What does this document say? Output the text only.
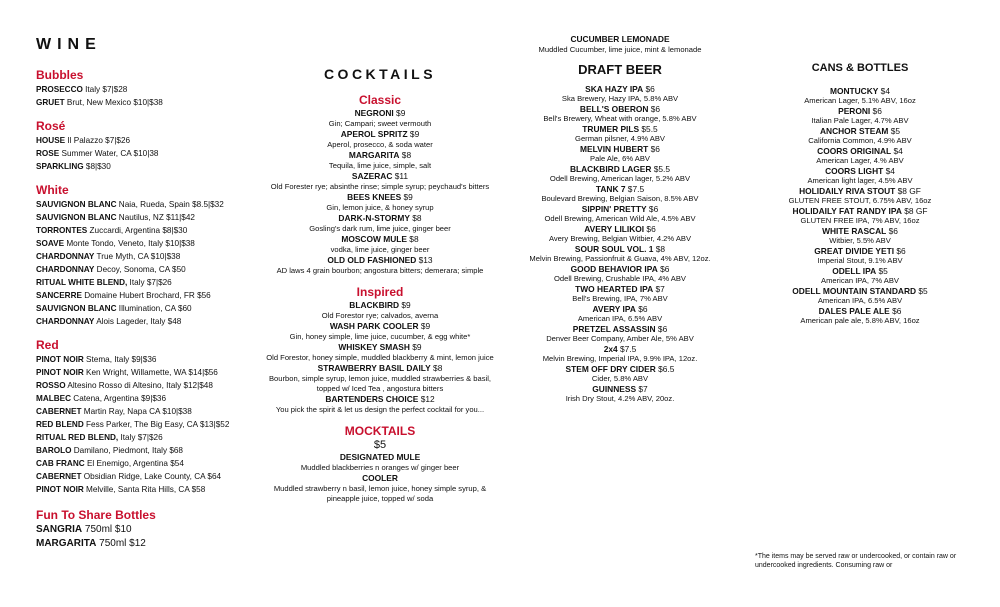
WINE
Bubbles
PROSECCO Italy $7|$28
GRUET Brut, New Mexico $10|$38
Rosé
HOUSE Il Palazzo $7|$26
ROSE Summer Water, CA $10|38
SPARKLING $8|$30
White
SAUVIGNON BLANC Naia, Rueda, Spain $8.5|$32
SAUVIGNON BLANC Nautilus, NZ $11|$42
TORRONTES Zuccardi, Argentina $8|$30
SOAVE Monte Tondo, Veneto, Italy $10|$38
CHARDONNAY True Myth, CA $10|$38
CHARDONNAY Decoy, Sonoma, CA $50
RITUAL WHITE BLEND, Italy $7|$26
SANCERRE Domaine Hubert Brochard, FR $56
SAUVIGNON BLANC Illumination, CA $60
CHARDONNAY Alois Lageder, Italy $48
Red
PINOT NOIR Stema, Italy $9|$36
PINOT NOIR Ken Wright, Willamette, WA $14|$56
ROSSO Altesino Rosso di Altesino, Italy $12|$48
MALBEC Catena, Argentina $9|$36
CABERNET Martin Ray, Napa CA $10|$38
RED BLEND Fess Parker, The Big Easy, CA $13|$52
RITUAL RED BLEND, Italy $7|$26
BAROLO Damilano, Piedmont, Italy $68
CAB FRANC El Enemigo, Argentina $54
CABERNET Obsidian Ridge, Lake County, CA $64
PINOT NOIR Melville, Santa Rita Hills, CA $58
Fun To Share Bottles
SANGRIA 750ml $10
MARGARITA 750ml $12
COCKTAILS
Classic
NEGRONI $9
Gin; Campari; sweet vermouth
APEROL SPRITZ $9
Aperol, prosecco, & soda water
MARGARITA $8
Tequila, lime juice, simple, salt
SAZERAC $11
Old Forester rye; absinthe rinse; simple syrup; peychaud's bitters
BEES KNEES $9
Gin, lemon juice, & honey syrup
DARK-N-STORMY $8
Gosling's dark rum, lime juice, ginger beer
MOSCOW MULE $8
vodka, lime juice, ginger beer
OLD OLD FASHIONED $13
AD laws 4 grain bourbon; angostura bitters; demerara; simple
Inspired
BLACKBIRD $9
Old Forestor rye; calvados, averna
WASH PARK COOLER $9
Gin, honey simple, lime juice, cucumber, & egg white*
WHISKEY SMASH $9
Old Forestor, honey simple, muddled blackberry & mint, lemon juice
STRAWBERRY BASIL DAILY $8
Bourbon, simple syrup, lemon juice, muddled strawberries & basil, topped w/ Iced Tea , angostura bitters
BARTENDERS CHOICE $12
You pick the spirit & let us design the perfect cocktail for you...
MOCKTAILS
$5
DESIGNATED MULE
Muddled blackberries n oranges w/ ginger beer
COOLER
Muddled strawberry n basil, lemon juice, honey simple syrup, & pineapple juice, topped w/ soda
CUCUMBER LEMONADE
Muddled Cucumber, lime juice, mint & lemonade
DRAFT BEER
SKA HAZY IPA $6
Ska Brewery, Hazy IPA, 5.8% ABV
BELL'S OBERON $6
Bell's Brewery, Wheat with orange, 5.8% ABV
TRUMER PILS $5.5
German pilsner, 4.9% ABV
MELVIN HUBERT $6
Pale Ale, 6% ABV
BLACKBIRD LAGER $5.5
Odell Brewing, American lager, 5.2% ABV
TANK 7 $7.5
Boulevard Brewing, Belgian Saison, 8.5% ABV
SIPPIN' PRETTY $6
Odell Brewing, American Wild Ale, 4.5% ABV
AVERY LILIKOI $6
Avery Brewing, Belgian Witbier, 4.2% ABV
SOUR SOUL VOL. 1 $8
Melvin Brewing, Passionfruit & Guava, 4% ABV, 12oz.
GOOD BEHAVIOR IPA $6
Odell Brewing, Crushable IPA, 4% ABV
TWO HEARTED IPA $7
Bell's Brewing, IPA, 7% ABV
AVERY IPA $6
American IPA, 6.5% ABV
PRETZEL ASSASSIN $6
Denver Beer Company, Amber Ale, 5% ABV
2x4 $7.5
Melvin Brewing, Imperial IPA, 9.9% IPA, 12oz.
STEM OFF DRY CIDER $6.5
Cider, 5.8% ABV
GUINNESS $7
Irish Dry Stout, 4.2% ABV, 20oz.
CANS & BOTTLES
MONTUCKY $4
American Lager, 5.1% ABV, 16oz
PERONI $6
Italian Pale Lager, 4.7% ABV
ANCHOR STEAM $5
California Common, 4.9% ABV
COORS ORIGINAL $4
American Lager, 4.% ABV
COORS LIGHT $4
American light lager, 4.5% ABV
HOLIDAILY RIVA STOUT $8 GF
GLUTEN FREE STOUT, 6.75% ABV, 16oz
HOLIDAILY FAT RANDY IPA $8 GF
GLUTEN FREE IPA, 7% ABV, 16oz
WHITE RASCAL $6
Witbier, 5.5% ABV
GREAT DIVIDE YETI $6
Imperial Stout, 9.1% ABV
ODELL IPA $5
American IPA, 7% ABV
ODELL MOUNTAIN STANDARD $5
American IPA, 6.5% ABV
DALES PALE ALE $6
American pale ale, 5.8% ABV, 16oz
*The items may be served raw or undercooked, or contain raw or undercooked ingredients. Consuming raw or
